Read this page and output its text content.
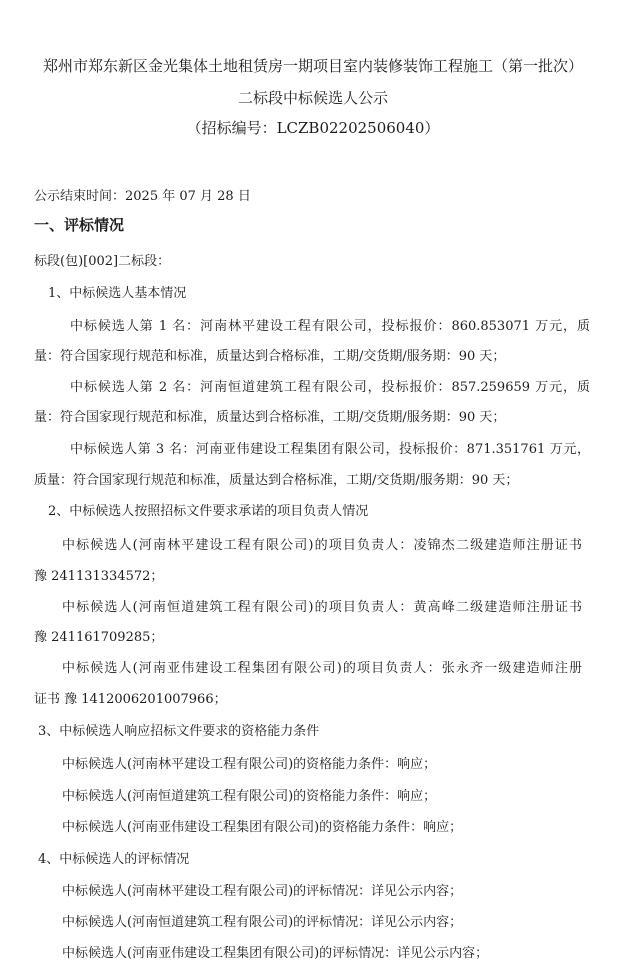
郑州市郑东新区金光集体土地租赁房一期项目室内装修装饰工程施工（第一批次）
二标段中标候选人公示
（招标编号：LCZB02202506040）
公示结束时间：2025 年 07 月 28 日
一、评标情况
标段(包)[002]二标段：
1、中标候选人基本情况
中标候选人第 1 名：河南林平建设工程有限公司，投标报价：860.853071 万元，质
量：符合国家现行规范和标准，质量达到合格标准，工期/交货期/服务期：90 天；
中标候选人第 2 名：河南恒道建筑工程有限公司，投标报价：857.259659 万元，质
量：符合国家现行规范和标准，质量达到合格标准，工期/交货期/服务期：90 天；
中标候选人第 3 名：河南亚伟建设工程集团有限公司，投标报价：871.351761 万元，
质量：符合国家现行规范和标准，质量达到合格标准，工期/交货期/服务期：90 天；
2、中标候选人按照招标文件要求承诺的项目负责人情况
中标候选人(河南林平建设工程有限公司)的项目负责人：凌锦杰二级建造师注册证书
豫 241131334572；
中标候选人(河南恒道建筑工程有限公司)的项目负责人：黄高峰二级建造师注册证书
豫 241161709285；
中标候选人(河南亚伟建设工程集团有限公司)的项目负责人：张永齐一级建造师注册
证书 豫 1412006201007966；
3、中标候选人响应招标文件要求的资格能力条件
中标候选人(河南林平建设工程有限公司)的资格能力条件：响应；
中标候选人(河南恒道建筑工程有限公司)的资格能力条件：响应；
中标候选人(河南亚伟建设工程集团有限公司)的资格能力条件：响应；
4、中标候选人的评标情况
中标候选人(河南林平建设工程有限公司)的评标情况：详见公示内容；
中标候选人(河南恒道建筑工程有限公司)的评标情况：详见公示内容；
中标候选人(河南亚伟建设工程集团有限公司)的评标情况：详见公示内容；
